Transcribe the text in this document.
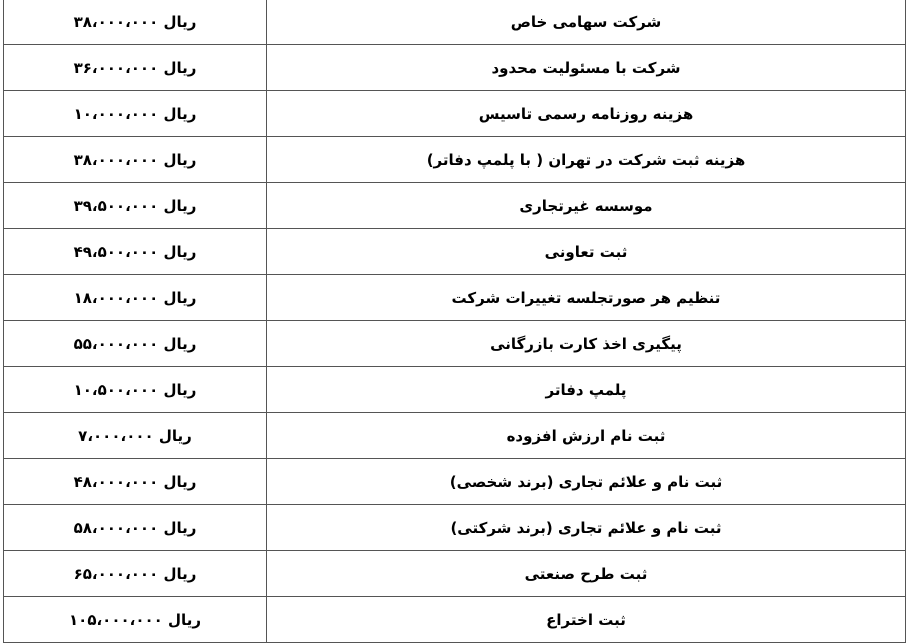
ریال ۳۸،۰۰۰،۰۰۰	شرکت سهامی خاص
ریال ۳۶،۰۰۰،۰۰۰	شرکت با مسئولیت محدود
ریال ۱۰،۰۰۰،۰۰۰	هزینه روزنامه رسمی تاسیس
ریال ۳۸،۰۰۰،۰۰۰	هزینه ثبت شرکت در تهران ( با پلمپ دفاتر)
ریال ۳۹،۵۰۰،۰۰۰	موسسه غیرتجاری
ریال ۴۹،۵۰۰،۰۰۰	ثبت تعاونی
ریال ۱۸،۰۰۰،۰۰۰	تنظیم هر صورتجلسه تغییرات شرکت
ریال ۵۵،۰۰۰،۰۰۰	پیگیری اخذ کارت بازرگانی
ریال ۱۰،۵۰۰،۰۰۰	پلمپ دفاتر
ریال ۷،۰۰۰،۰۰۰	ثبت نام ارزش افزوده
ریال ۴۸،۰۰۰،۰۰۰	ثبت نام و علائم تجاری (برند شخصی)
ریال ۵۸،۰۰۰،۰۰۰	ثبت نام و علائم تجاری (برند شرکتی)
ریال ۶۵،۰۰۰،۰۰۰	ثبت طرح صنعتی
ریال ۱۰۵،۰۰۰،۰۰۰	ثبت اختراع
